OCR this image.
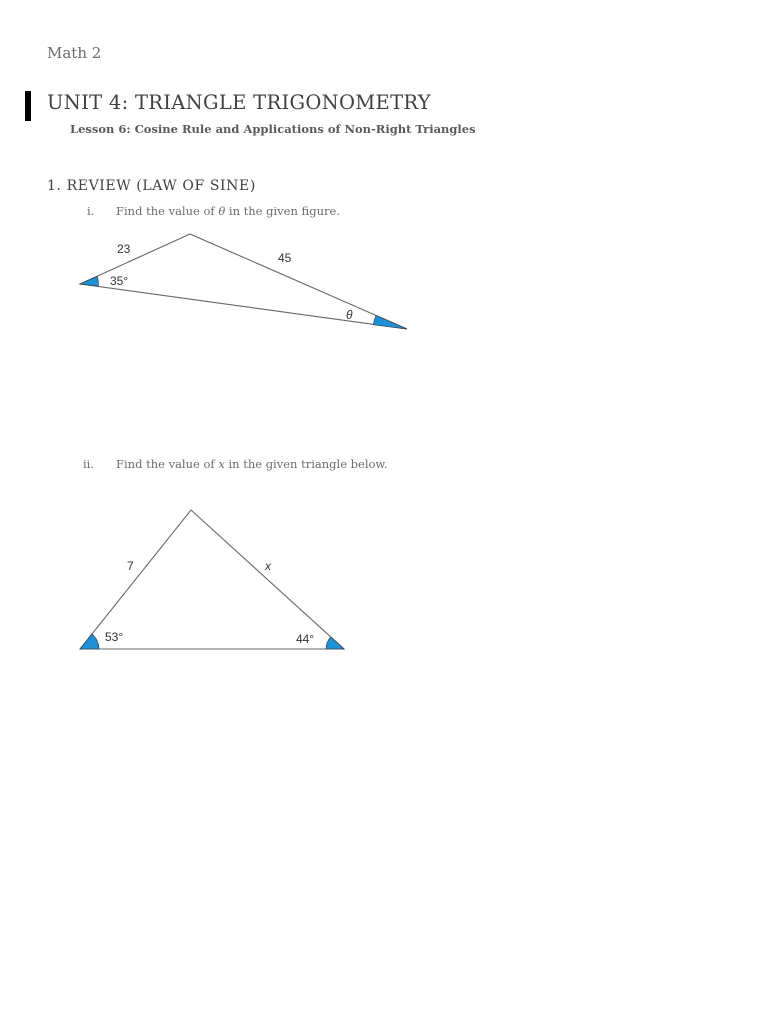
Math 2
UNIT 4: TRIANGLE TRIGONOMETRY
Lesson 6: Cosine Rule and Applications of Non-Right Triangles
1. REVIEW (LAW OF SINE)
i. Find the value of θ in the given figure.
23
45
35°
θ
7	x
53°	44°
ii. Find the value of x in the given triangle below.
